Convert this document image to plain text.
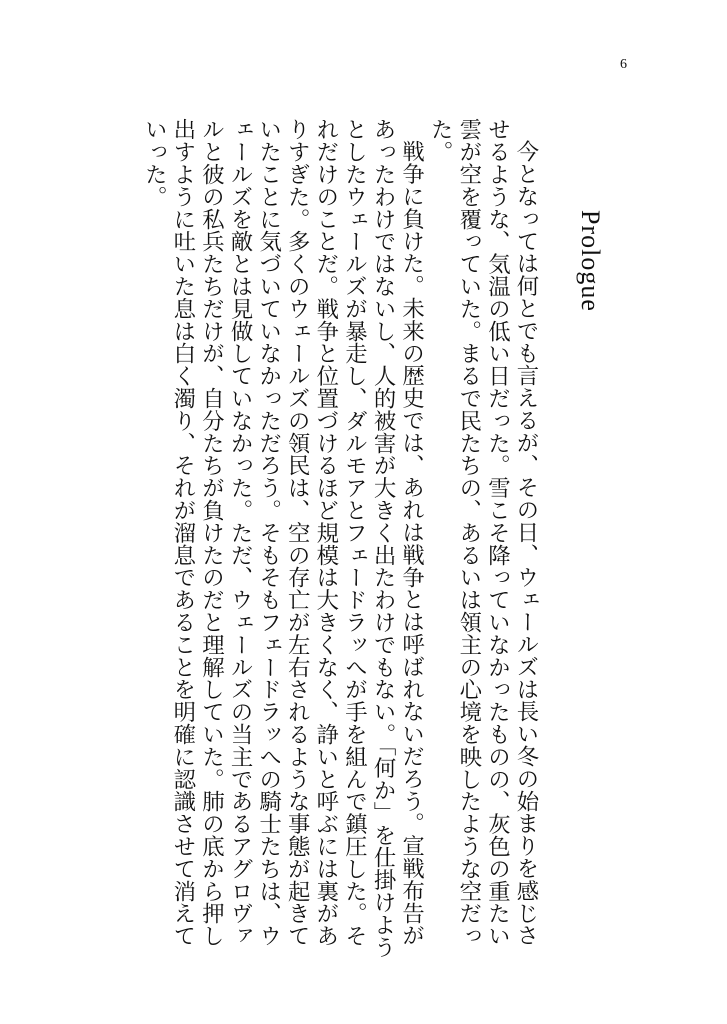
6
Prologue

今となっては何とでも言えるが、その日、ウェールズは長い冬の始まりを感じさせるような、気温の低い日だった。雪こそ降っていなかったものの、灰色の重たい雲が空を覆っていた。まるで民たちの、あるいは領主の心境を映したような空だった。

戦争に負けた。未来の歴史では、あれは戦争とは呼ばれないだろう。宣戦布告があったわけではないし、人的被害が大きく出たわけでもない。「何か」を仕掛けようとしたウェールズが暴走し、ダルモアとフェードラッへが手を組んで鎮圧した。それだけのことだ。戦争と位置づけるほど規模は大きくなく、諍いと呼ぶには裏がありすぎた。多くのウェールズの領民は、空の存亡が左右されるような事態が起きていたことに気づいていなかっただろう。そもそもフェードラッへの騎士たちは、ウェールズを敵とは見做していなかった。ただ、ウェールズの当主であるアグロヴァルと彼の私兵たちだけが、自分たちが負けたのだと理解していた。肺の底から押し出すように吐いた息は白く濁り、それが溜息であることを明確に認識させて消えていった。
